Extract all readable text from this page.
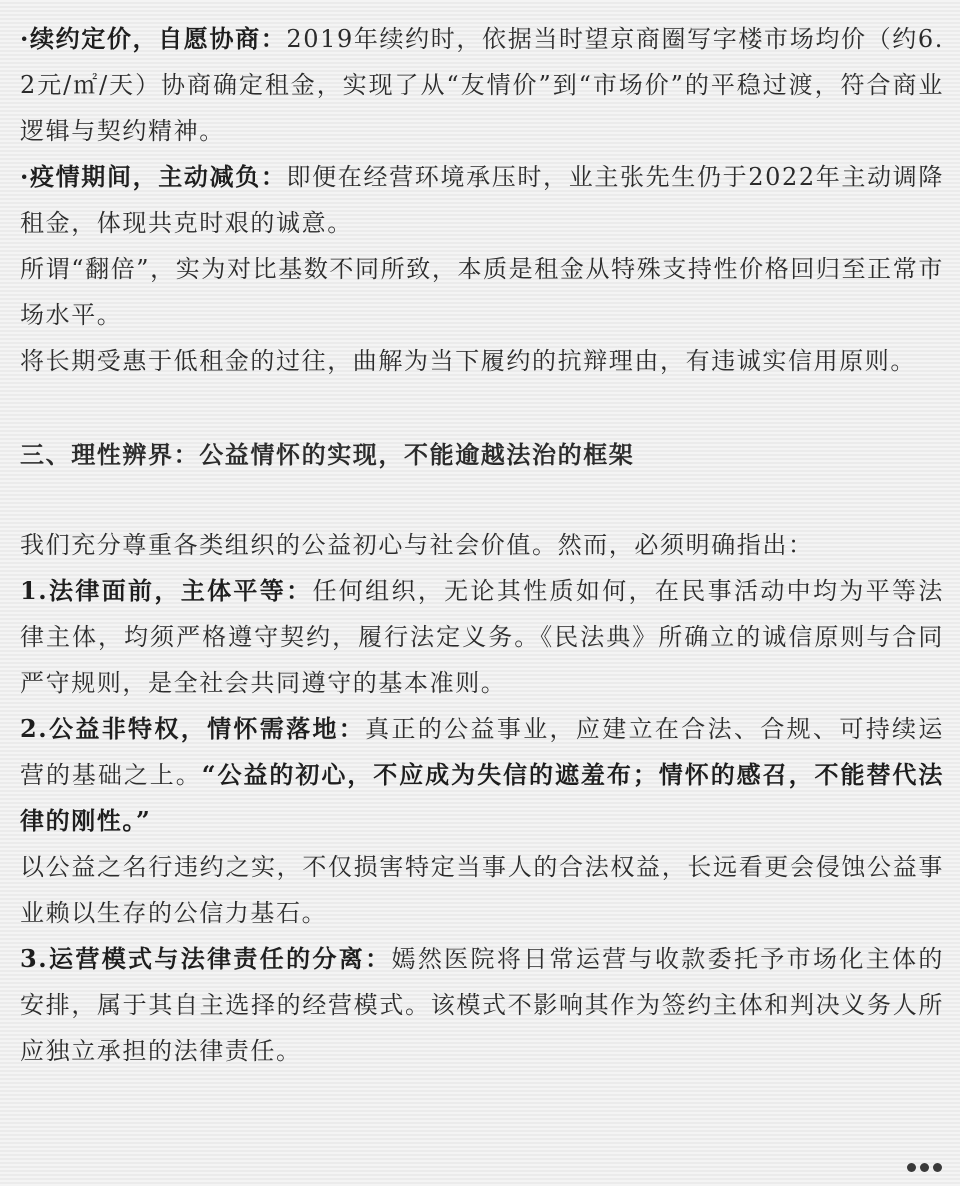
·续约定价，自愿协商：2019年续约时，依据当时望京商圈写字楼市场均价（约6.2元/㎡/天）协商确定租金，实现了从“友情价”到“市场价”的平稳过渡，符合商业逻辑与契约精神。

·疫情期间，主动减负：即便在经营环境承压时，业主张先生仍于2022年主动调降租金，体现共克时艰的诚意。

所谓“翻倍”，实为对比基数不同所致，本质是租金从特殊支持性价格回归至正常市场水平。

将长期受惠于低租金的过往，曲解为当下履约的抗辩理由，有违诚实信用原则。

三、理性辨界：公益情怀的实现，不能逾越法治的框架

我们充分尊重各类组织的公益初心与社会价值。然而，必须明确指出：

1.法律面前，主体平等：任何组织，无论其性质如何，在民事活动中均为平等法律主体，均须严格遵守契约，履行法定义务。《民法典》所确立的诚信原则与合同严守规则，是全社会共同遵守的基本准则。

2.公益非特权，情怀需落地：真正的公益事业，应建立在合法、合规、可持续运营的基础之上。“公益的初心，不应成为失信的遮羞布；情怀的感召，不能替代法律的刚性。”

以公益之名行违约之实，不仅损害特定当事人的合法权益，长远看更会侵蚀公益事业赖以生存的公信力基石。

3.运营模式与法律责任的分离：嫣然医院将日常运营与收款委托予市场化主体的安排，属于其自主选择的经营模式。该模式不影响其作为签约主体和判决义务人所应独立承担的法律责任。
